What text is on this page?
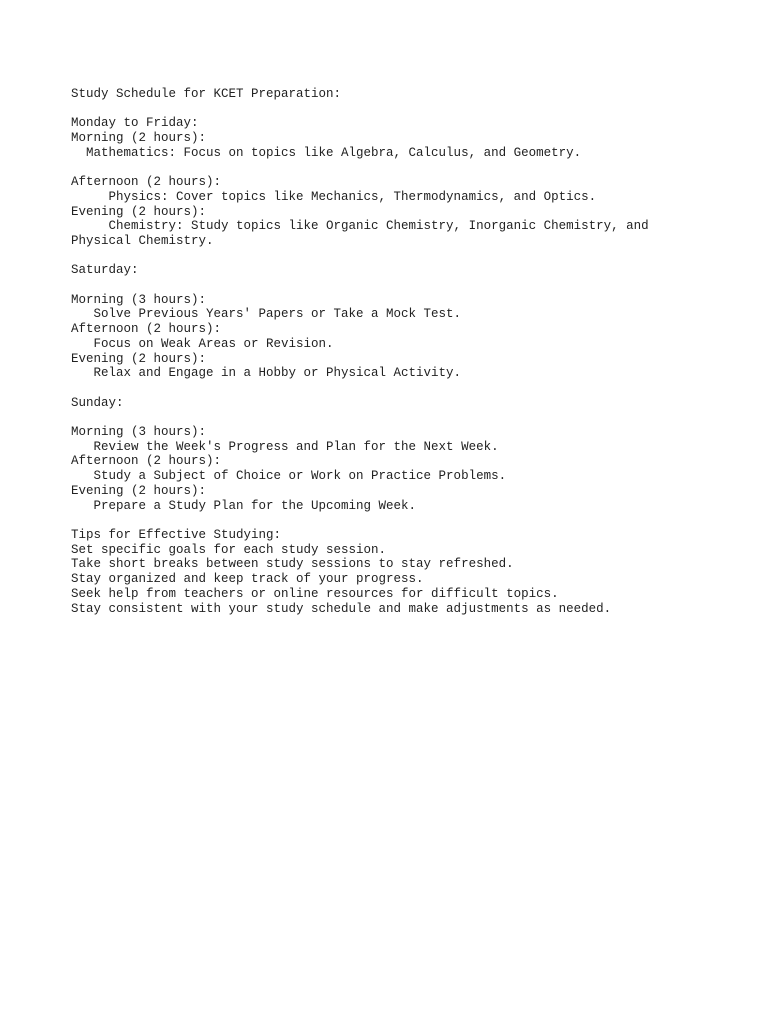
Study Schedule for KCET Preparation:
Monday to Friday:
Morning (2 hours):
Mathematics: Focus on topics like Algebra, Calculus, and Geometry.
Afternoon (2 hours):
Physics: Cover topics like Mechanics, Thermodynamics, and Optics.
Evening (2 hours):
Chemistry: Study topics like Organic Chemistry, Inorganic Chemistry, and
Physical Chemistry.
Saturday:
Morning (3 hours):
Solve Previous Years' Papers or Take a Mock Test.
Afternoon (2 hours):
Focus on Weak Areas or Revision.
Evening (2 hours):
Relax and Engage in a Hobby or Physical Activity.
Sunday:
Morning (3 hours):
Review the Week's Progress and Plan for the Next Week.
Afternoon (2 hours):
Study a Subject of Choice or Work on Practice Problems.
Evening (2 hours):
Prepare a Study Plan for the Upcoming Week.
Tips for Effective Studying:
Set specific goals for each study session.
Take short breaks between study sessions to stay refreshed.
Stay organized and keep track of your progress.
Seek help from teachers or online resources for difficult topics.
Stay consistent with your study schedule and make adjustments as needed.
